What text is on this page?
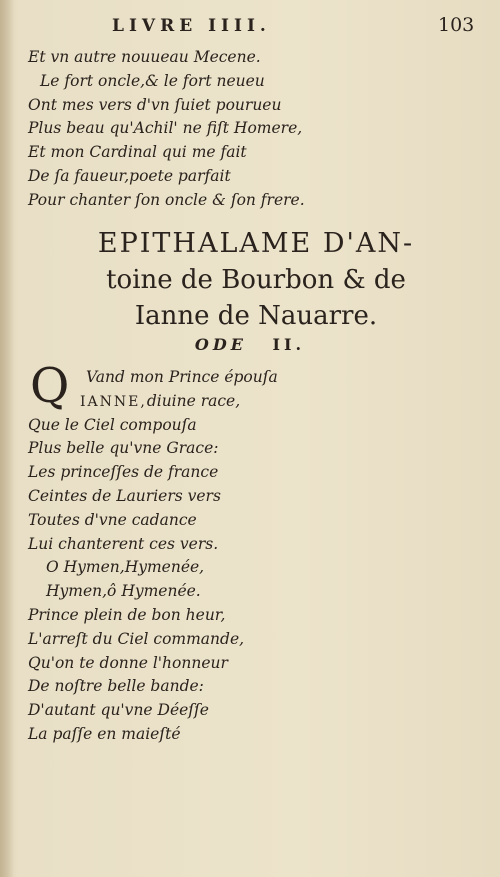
LIVRE IIII.	103
Et vn autre nouueau Mecene.
Le fort oncle,& le fort neueu
Ont mes vers d'vn ſuiet pourueu
Plus beau qu'Achil' ne fiſt Homere,
Et mon Cardinal qui me fait
De ſa faueur,poete parfait
Pour chanter ſon oncle & ſon frere.
EPITHALAME D'AN-
toine de Bourbon & de
Ianne de Nauarre.
ODE II.
Q	Vand mon Prince épouſa
IANNE,diuine race,
Que le Ciel compouſa
Plus belle qu'vne Grace:
Les princeſſes de france
Ceintes de Lauriers vers
Toutes d'vne cadance
Lui chanterent ces vers.
O Hymen,Hymenée,
Hymen,ô Hymenée.
Prince plein de bon heur,
L'arreſt du Ciel commande,
Qu'on te donne l'honneur
De noſtre belle bande:
D'autant qu'vne Déeſſe
La paſſe en maieſté
